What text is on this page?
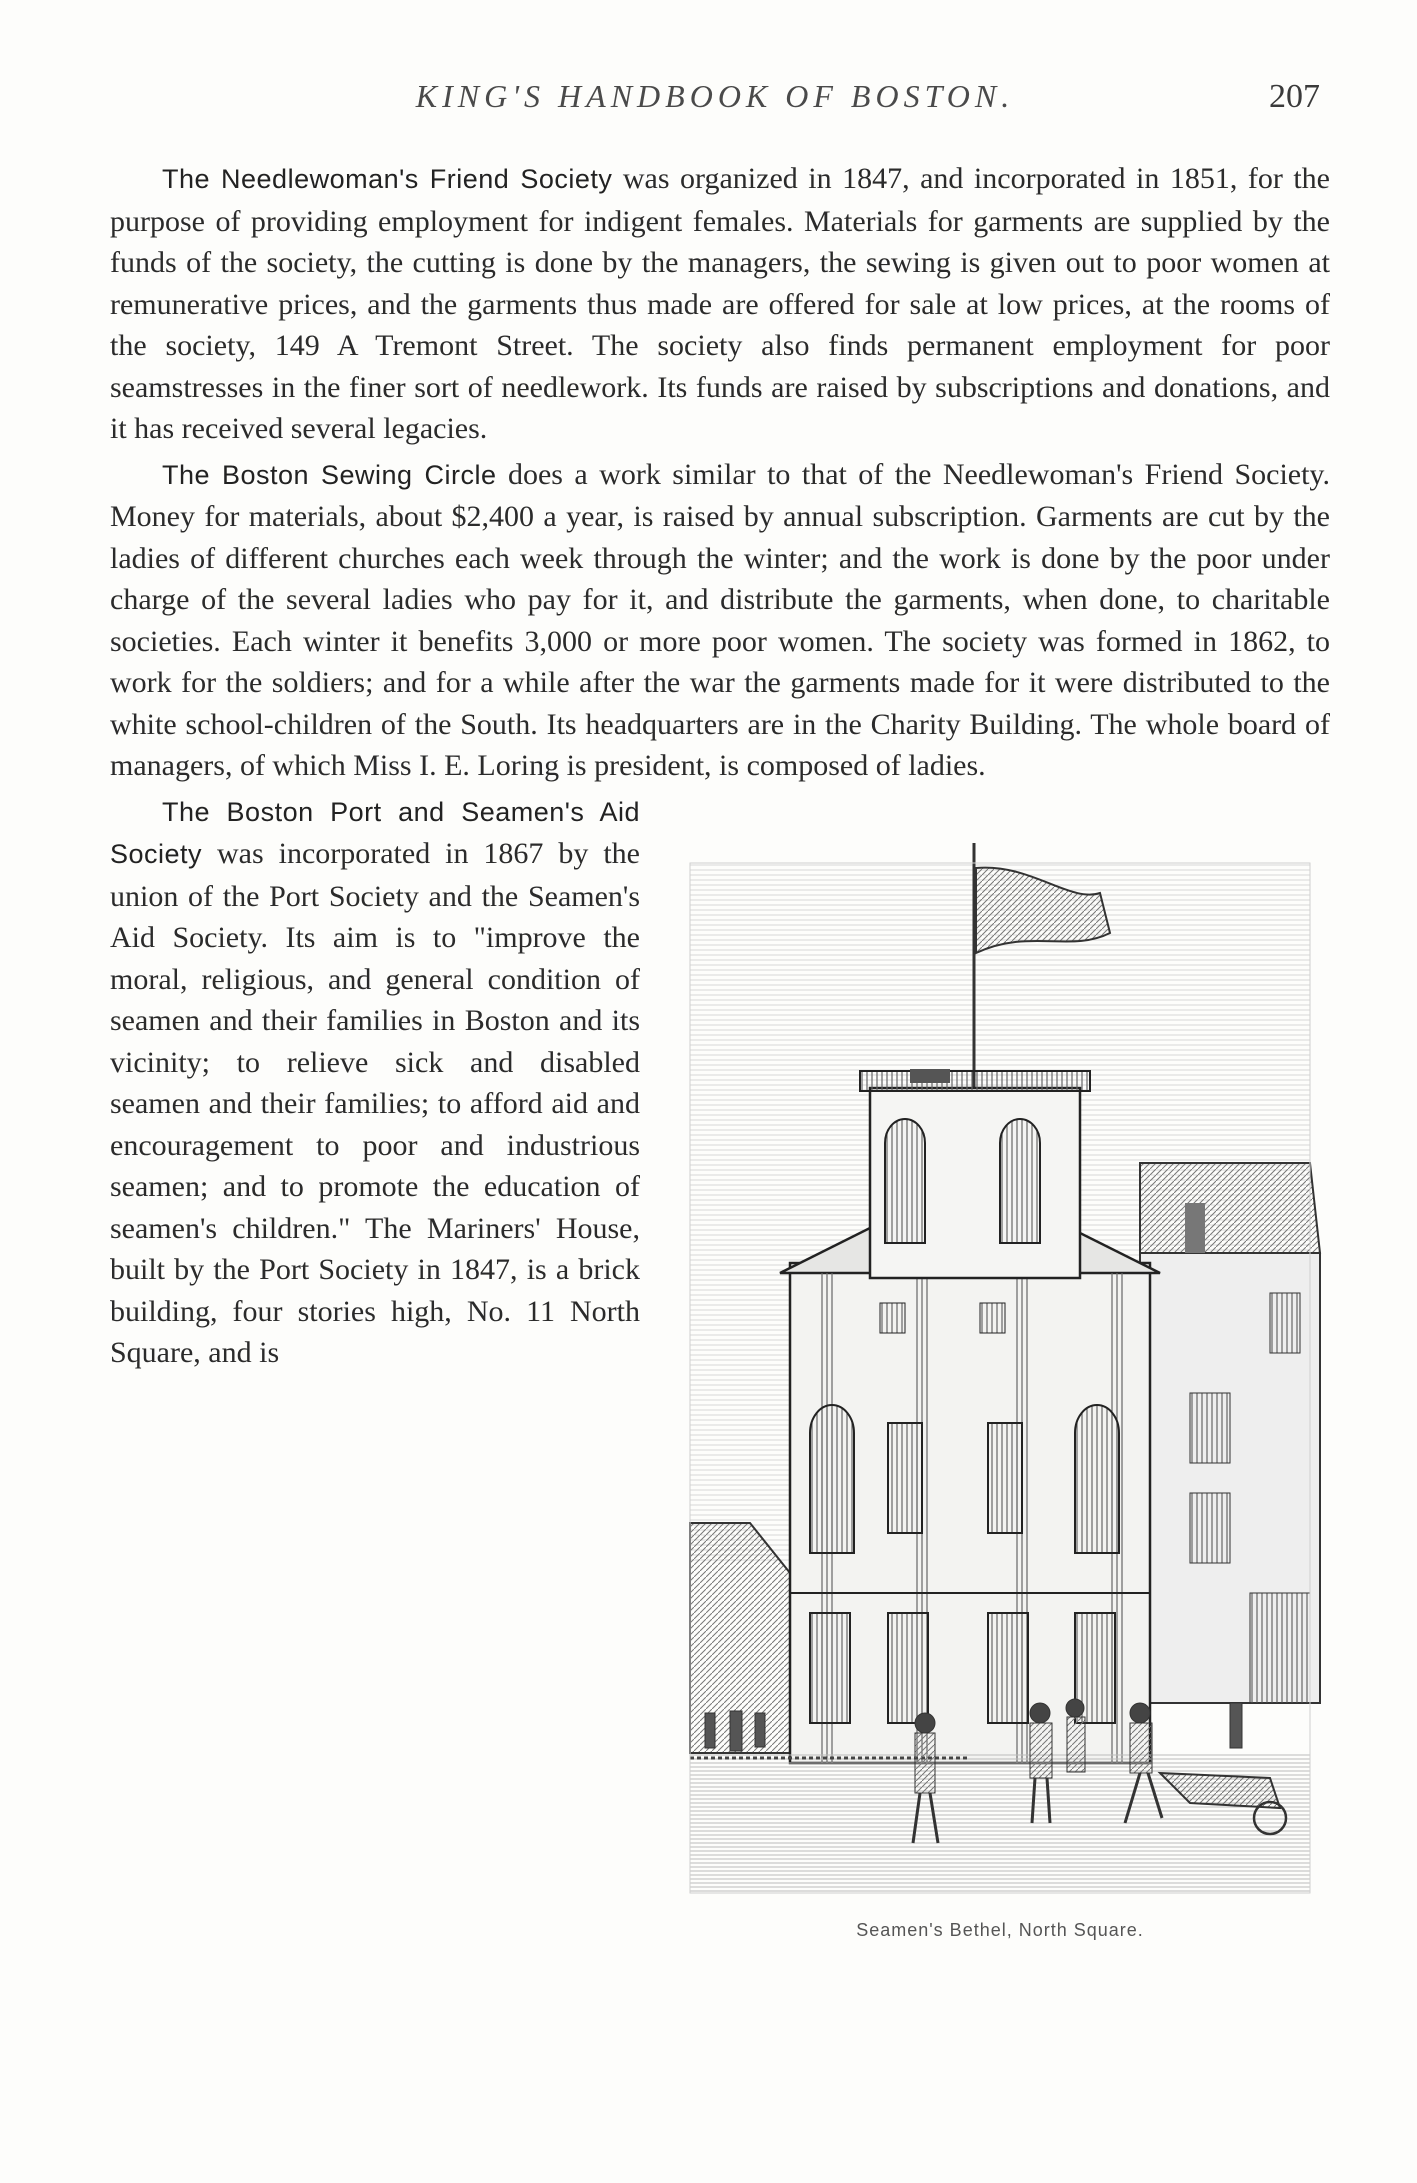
KING'S HANDBOOK OF BOSTON.	207

The Needlewoman's Friend Society was organized in 1847, and incorporated in 1851, for the purpose of providing employment for indigent females. Materials for garments are supplied by the funds of the society, the cutting is done by the managers, the sewing is given out to poor women at remunerative prices, and the garments thus made are offered for sale at low prices, at the rooms of the society, 149 A Tremont Street. The society also finds permanent employment for poor seamstresses in the finer sort of needlework. Its funds are raised by subscriptions and donations, and it has received several legacies.

The Boston Sewing Circle does a work similar to that of the Needlewoman's Friend Society. Money for materials, about $2,400 a year, is raised by annual subscription. Garments are cut by the ladies of different churches each week through the winter; and the work is done by the poor under charge of the several ladies who pay for it, and distribute the garments, when done, to charitable societies. Each winter it benefits 3,000 or more poor women. The society was formed in 1862, to work for the soldiers; and for a while after the war the garments made for it were distributed to the white school-children of the South. Its headquarters are in the Charity Building. The whole board of managers, of which Miss I. E. Loring is president, is composed of ladies.

Seamen's Bethel, North Square.

The Boston Port and Seamen's Aid Society was incorporated in 1867 by the union of the Port Society and the Seamen's Aid Society. Its aim is to "improve the moral, religious, and general condition of seamen and their families in Boston and its vicinity; to relieve sick and disabled seamen and their families; to afford aid and encouragement to poor and industrious seamen; and to promote the education of seamen's children." The Mariners' House, built by the Port Society in 1847, is a brick building, four stories high, No. 11 North Square, and is
